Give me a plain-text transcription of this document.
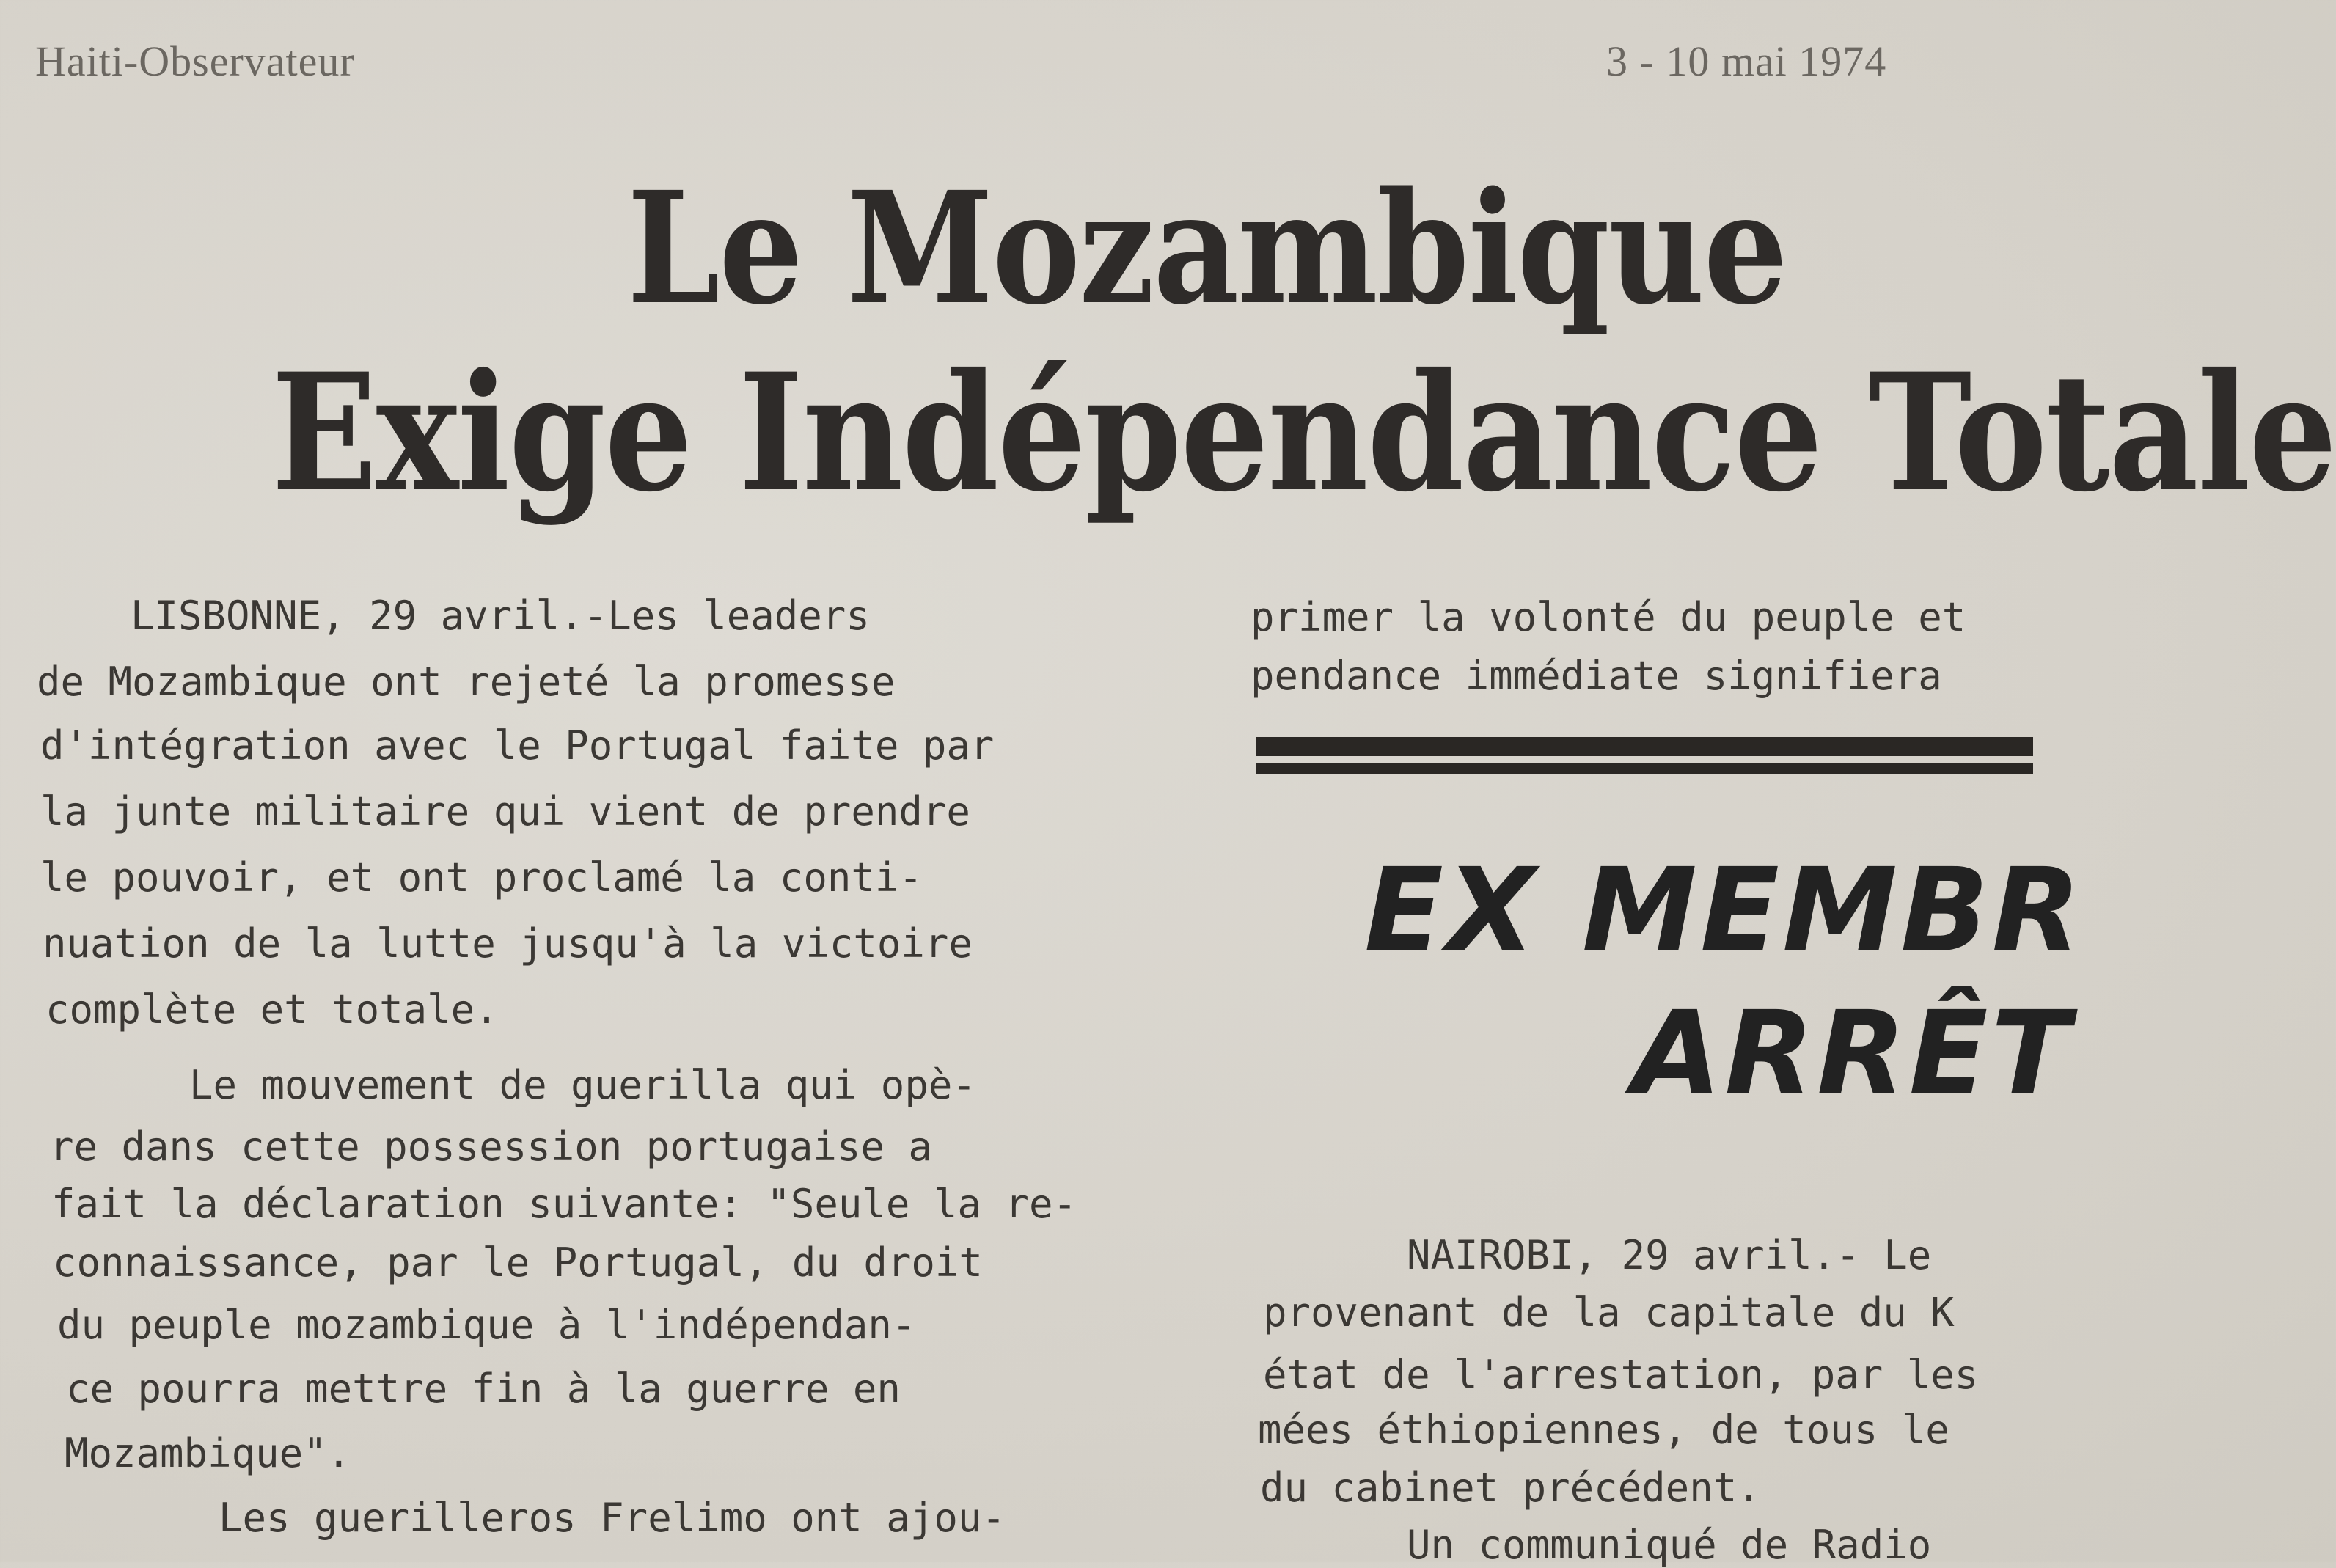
Haiti-Observateur	3 - 10 mai 1974
Le Mozambique
Exige Indépendance Totale
LISBONNE, 29 avril.-Les leaders
de Mozambique ont rejeté la promesse
d'intégration avec le Portugal faite par
la junte militaire qui vient de prendre
le pouvoir, et ont proclamé la conti-
nuation de la lutte jusqu'à la victoire
complète et totale.
Le mouvement de guerilla qui opè-
re dans cette possession portugaise a
fait la déclaration suivante: "Seule la re-
connaissance, par le Portugal, du droit
du peuple mozambique à l'indépendan-
ce pourra mettre fin à la guerre en
Mozambique".
Les guerilleros Frelimo ont ajou-
primer la volonté du peuple et
pendance immédiate signifiera
EX MEMBR
ARRÊT
NAIROBI, 29 avril.- Le
provenant de la capitale du K
état de l'arrestation, par les
mées éthiopiennes, de tous le
du cabinet précédent.
Un communiqué de Radio
